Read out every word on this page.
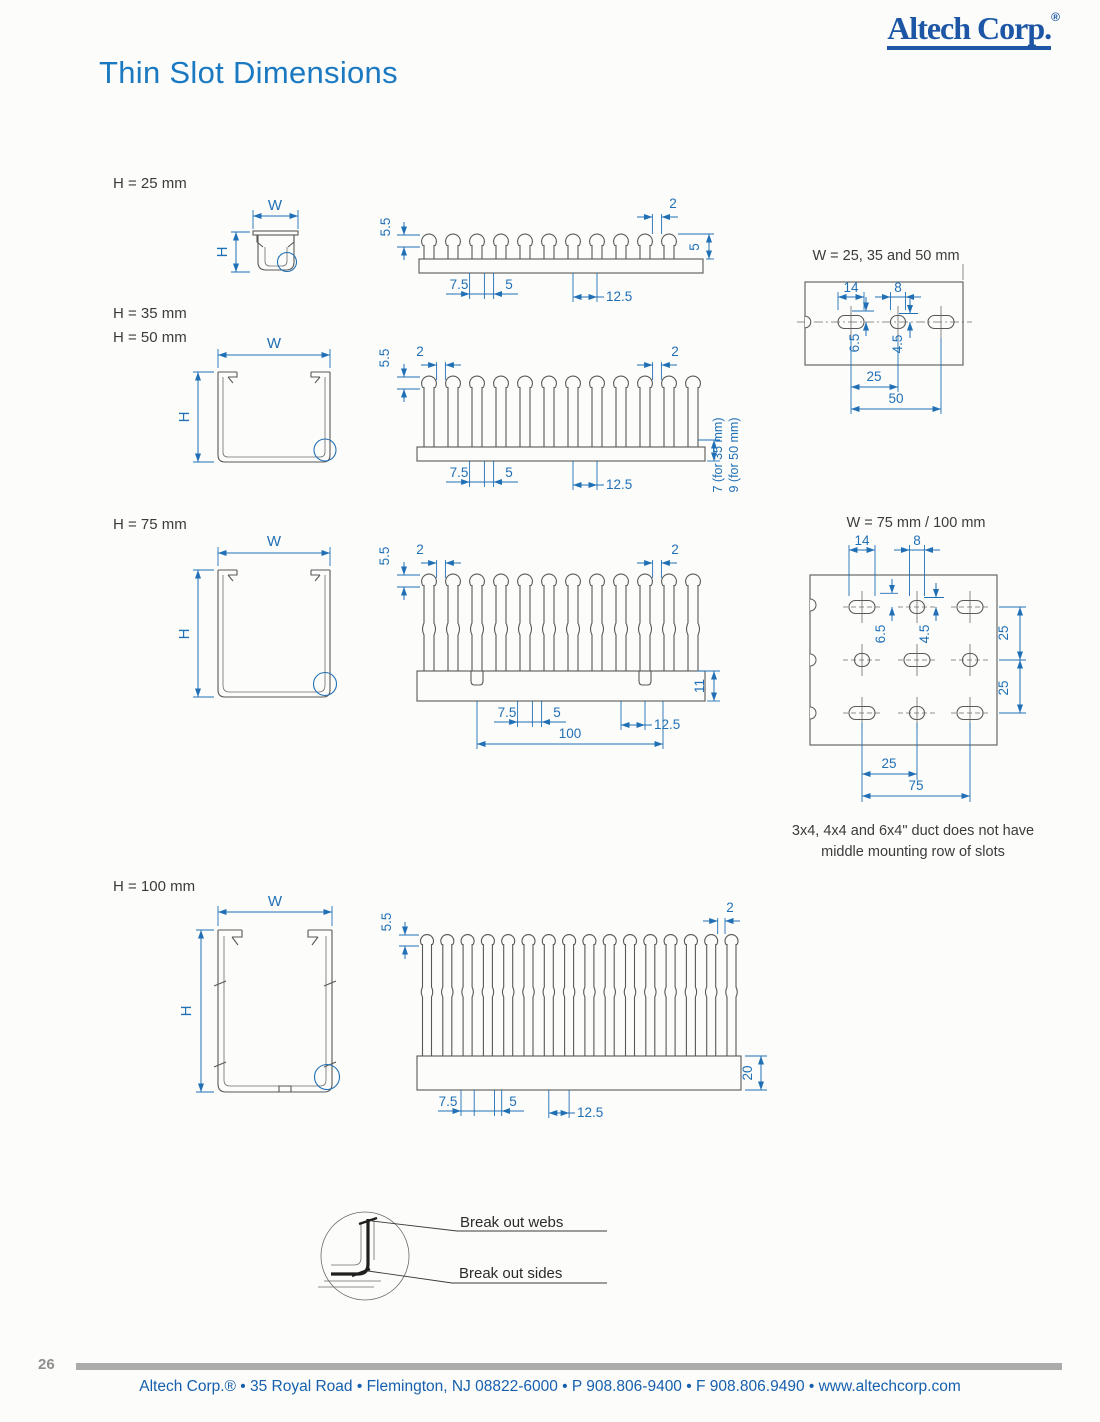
Altech Corp.®
Thin Slot Dimensions
H = 25 mm
W
H
5.5
2
5
7.5	5
12.5
W = 25, 35 and 50 mm
14	8
6.5 4.5
25
50
H = 35 mm
H = 50 mm	W
H
2	2
5.5
7.5	5
12.5	7 (for 35 mm) 9 (for 50 mm)
H = 75 mm
W
H
2	2
5.5
11
7.5	5
12.5
100
W = 75 mm / 100 mm
14	8
6.5 4.5	25
25
25
75
3x4, 4x4 and 6x4" duct does not have
middle mounting row of slots
H = 100 mm
W
H
5.5
2
20
7.5	5
12.5
Break out webs
Break out sides
26
Altech Corp.® • 35 Royal Road • Flemington, NJ 08822-6000 • P 908.806-9400 • F 908.806.9490 • www.altechcorp.com
